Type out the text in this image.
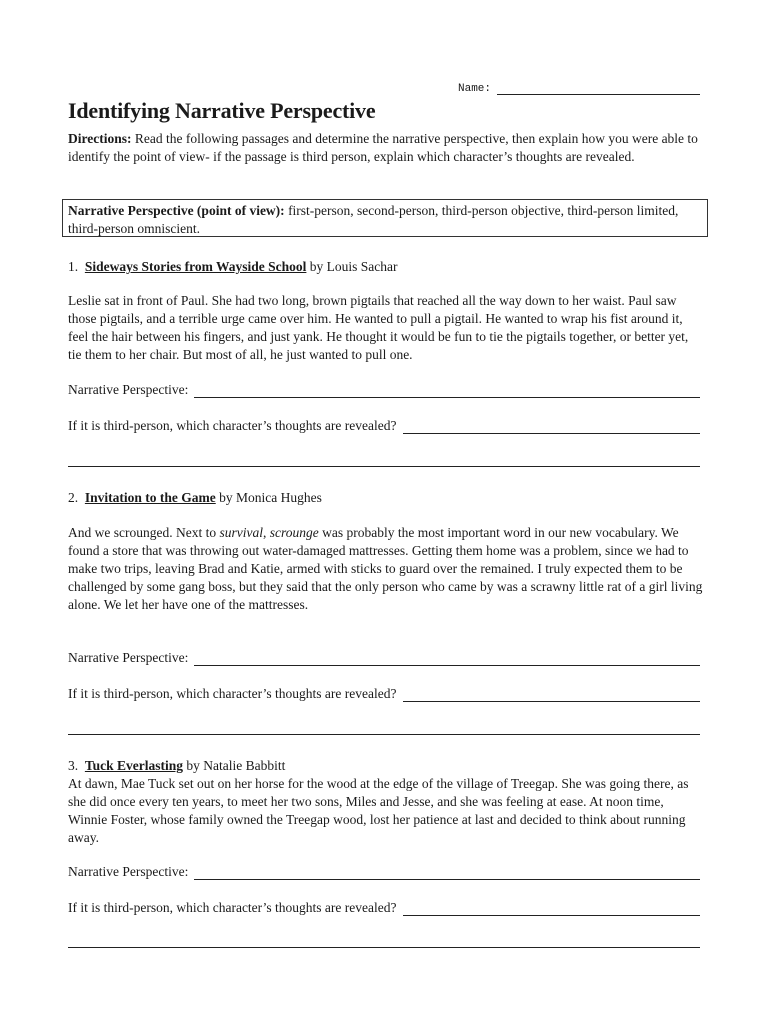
Name:
Identifying Narrative Perspective

Directions: Read the following passages and determine the narrative perspective, then explain how you were able to identify the point of view- if the passage is third person, explain which character’s thoughts are revealed.

Narrative Perspective (point of view): first-person, second-person, third-person objective, third-person limited, third-person omniscient.
1. Sideways Stories from Wayside School by Louis Sachar

Leslie sat in front of Paul. She had two long, brown pigtails that reached all the way down to her waist. Paul saw those pigtails, and a terrible urge came over him. He wanted to pull a pigtail. He wanted to wrap his fist around it, feel the hair between his fingers, and just yank. He thought it would be fun to tie the pigtails together, or better yet, tie them to her chair. But most of all, he just wanted to pull one.

Narrative Perspective:
If it is third-person, which character’s thoughts are revealed?
2. Invitation to the Game by Monica Hughes

And we scrounged. Next to survival, scrounge was probably the most important word in our new vocabulary. We found a store that was throwing out water-damaged mattresses. Getting them home was a problem, since we had to make two trips, leaving Brad and Katie, armed with sticks to guard over the remained. I truly expected them to be challenged by some gang boss, but they said that the only person who came by was a scrawny little rat of a girl living alone. We let her have one of the mattresses.

Narrative Perspective:
If it is third-person, which character’s thoughts are revealed?
3. Tuck Everlasting by Natalie Babbitt

At dawn, Mae Tuck set out on her horse for the wood at the edge of the village of Treegap. She was going there, as she did once every ten years, to meet her two sons, Miles and Jesse, and she was feeling at ease. At noon time, Winnie Foster, whose family owned the Treegap wood, lost her patience at last and decided to think about running away.

Narrative Perspective:
If it is third-person, which character’s thoughts are revealed?
